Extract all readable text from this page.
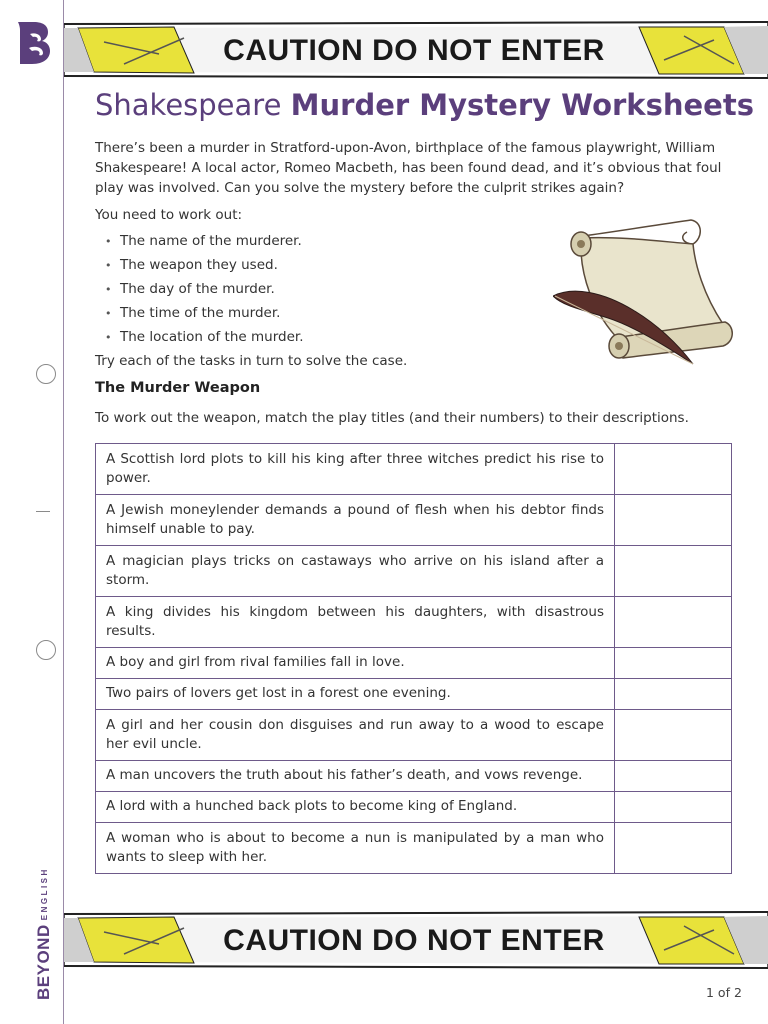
BEYONDENGLISH
CAUTION DO NOT ENTER
Shakespeare Murder Mystery Worksheets
There’s been a murder in Stratford-upon-Avon, birthplace of the famous playwright, William Shakespeare! A local actor, Romeo Macbeth, has been found dead, and it’s obvious that foul play was involved. Can you solve the mystery before the culprit strikes again?
You need to work out:
• The name of the murderer.
• The weapon they used.
• The day of the murder.
• The time of the murder.
• The location of the murder.
Try each of the tasks in turn to solve the case.
The Murder Weapon
To work out the weapon, match the play titles (and their numbers) to their descriptions.
A Scottish lord plots to kill his king after three witches predict his rise to power.	
A Jewish moneylender demands a pound of flesh when his debtor finds himself unable to pay.	
A magician plays tricks on castaways who arrive on his island after a storm.	
A king divides his kingdom between his daughters, with disastrous results.	
A boy and girl from rival families fall in love.	
Two pairs of lovers get lost in a forest one evening.	
A girl and her cousin don disguises and run away to a wood to escape her evil uncle.	
A man uncovers the truth about his father’s death, and vows revenge.	
A lord with a hunched back plots to become king of England.	
A woman who is about to become a nun is manipulated by a man who wants to sleep with her.	
CAUTION DO NOT ENTER
1 of 2
